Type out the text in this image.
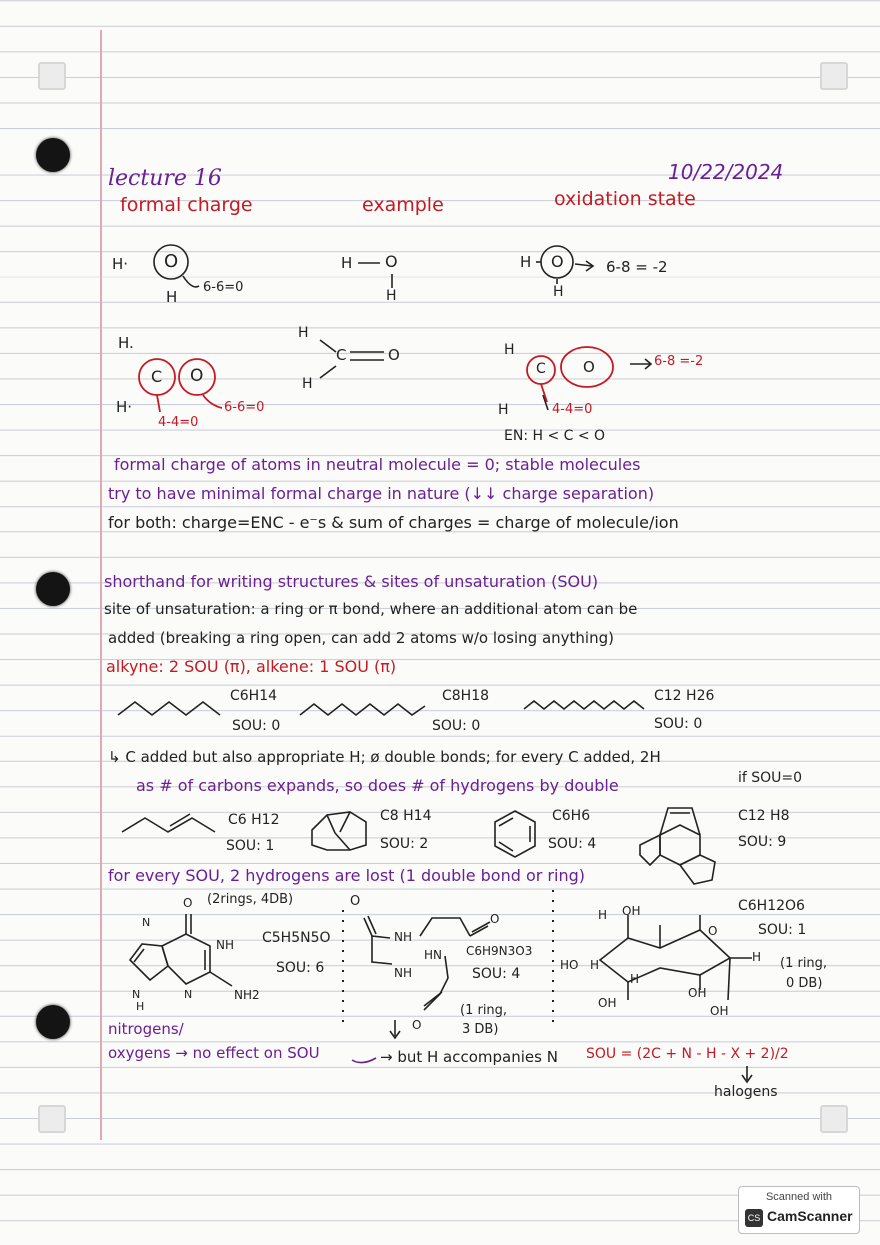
lecture 16	10/22/2024
formal charge	example	oxidation state
H· O
H
6-6=0
H O
H
H O
H
6-8 = -2
H.
H·
C O
4-4=0
6-6=0
H
C	O
H
H
H
C O	6-8 =-2
4-4=0
EN: H < C < O
formal charge of atoms in neutral molecule = 0; stable molecules
try to have minimal formal charge in nature (↓↓ charge separation)
for both: charge=ENC - e⁻s & sum of charges = charge of molecule/ion
shorthand for writing structures & sites of unsaturation (SOU)
site of unsaturation: a ring or π bond, where an additional atom can be
added (breaking a ring open, can add 2 atoms w/o losing anything)
alkyne: 2 SOU (π), alkene: 1 SOU (π)
C6H14
SOU: 0
C8H18
SOU: 0
C12 H26
SOU: 0
↳ C added but also appropriate H; ø double bonds; for every C added, 2H
as # of carbons expands, so does # of hydrogens by double	if SOU=0
C6 H12
SOU: 1
C8 H14
SOU: 2
C6H6
SOU: 4
C12 H8
SOU: 9
for every SOU, 2 hydrogens are lost (1 double bond or ring)
O (2rings, 4DB)
N
NH
N
H
N	NH2
C5H5N5O
SOU: 6
O
NH
O
NH
HN
O
C6H9N3O3
SOU: 4
(1 ring,
3 DB)
H OH
HO H
OH
H
OH
OH
O
H
C6H12O6
SOU: 1
(1 ring,
0 DB)
nitrogens/
oxygens → no effect on SOU	→ but H accompanies N SOU = (2C + N - H - X + 2)/2
halogens
Scanned with
CS CamScanner
